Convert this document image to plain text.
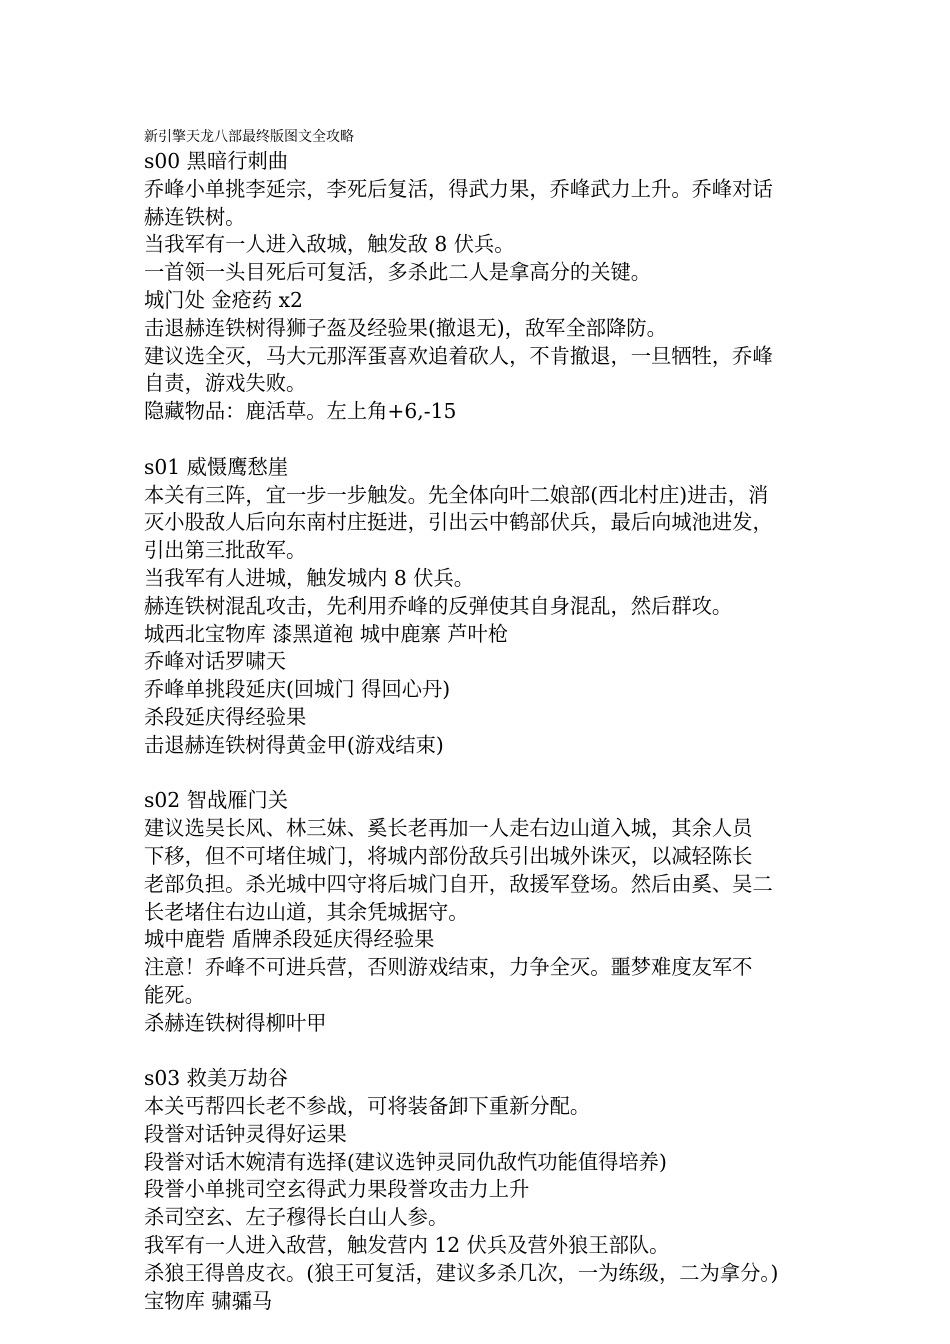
新引擎天龙八部最终版图文全攻略
s00 黑暗行刺曲
乔峰小单挑李延宗，李死后复活，得武力果，乔峰武力上升。乔峰对话
赫连铁树。
当我军有一人进入敌城，触发敌 8 伏兵。
一首领一头目死后可复活，多杀此二人是拿高分的关键。
城门处 金疮药 x2
击退赫连铁树得狮子盔及经验果(撤退无)，敌军全部降防。
建议选全灭，马大元那浑蛋喜欢追着砍人，不肯撤退，一旦牺牲，乔峰
自责，游戏失败。
隐藏物品：鹿活草。左上角+6,-15
s01 威慑鹰愁崖
本关有三阵，宜一步一步触发。先全体向叶二娘部(西北村庄)进击，消
灭小股敌人后向东南村庄挺进，引出云中鹤部伏兵，最后向城池进发，
引出第三批敌军。
当我军有人进城，触发城内 8 伏兵。
赫连铁树混乱攻击，先利用乔峰的反弹使其自身混乱，然后群攻。
城西北宝物库 漆黑道袍 城中鹿寨 芦叶枪
乔峰对话罗啸天
乔峰单挑段延庆(回城门 得回心丹)
杀段延庆得经验果
击退赫连铁树得黄金甲(游戏结束)
s02 智战雁门关
建议选吴长风、林三妹、奚长老再加一人走右边山道入城，其余人员
下移，但不可堵住城门，将城内部份敌兵引出城外诛灭，以减轻陈长
老部负担。杀光城中四守将后城门自开，敌援军登场。然后由奚、吴二
长老堵住右边山道，其余凭城据守。
城中鹿砦 盾牌杀段延庆得经验果
注意！乔峰不可进兵营，否则游戏结束，力争全灭。噩梦难度友军不
能死。
杀赫连铁树得柳叶甲
s03 救美万劫谷
本关丐帮四长老不参战，可将装备卸下重新分配。
段誉对话钟灵得好运果
段誉对话木婉清有选择(建议选钟灵同仇敌忾功能值得培养)
段誉小单挑司空玄得武力果段誉攻击力上升
杀司空玄、左子穆得长白山人参。
我军有一人进入敌营，触发营内 12 伏兵及营外狼王部队。
杀狼王得兽皮衣。(狼王可复活，建议多杀几次，一为练级，二为拿分。)
宝物库 骕骦马
